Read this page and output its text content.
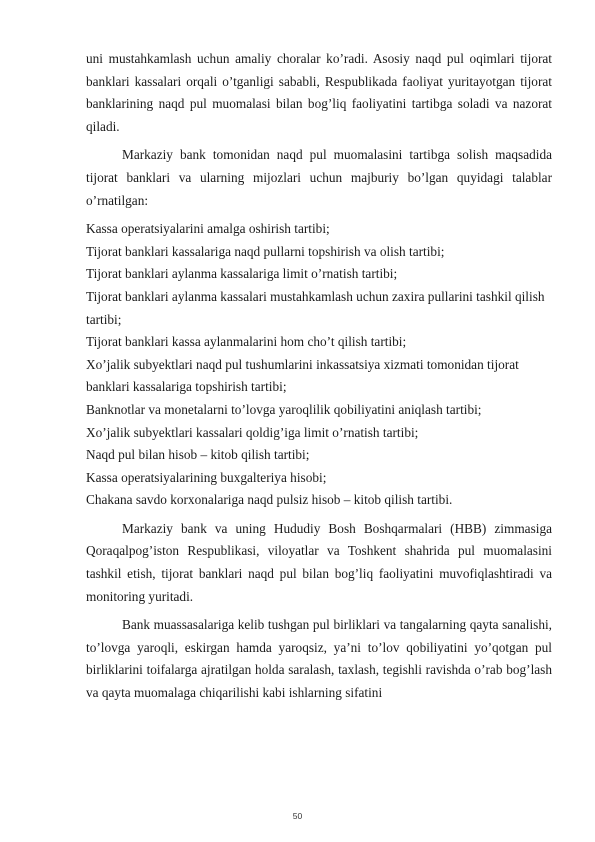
uni mustahkamlash uchun amaliy choralar ko’radi. Asosiy naqd pul oqimlari tijorat banklari kassalari orqali o’tganligi sababli, Respublikada faoliyat yuritayotgan tijorat banklarining naqd pul muomalasi bilan bog’liq faoliyatini tartibga soladi va nazorat qiladi.

Markaziy bank tomonidan naqd pul muomalasini tartibga solish maqsadida tijorat banklari va ularning mijozlari uchun majburiy bo’lgan quyidagi talablar o’rnatilgan:

Kassa operatsiyalarini amalga oshirish tartibi;
Tijorat banklari kassalariga naqd pullarni topshirish va olish tartibi;
Tijorat banklari aylanma kassalariga limit o’rnatish tartibi;
Tijorat banklari aylanma kassalari mustahkamlash uchun zaxira pullarini tashkil qilish tartibi;
Tijorat banklari kassa aylanmalarini hom cho’t qilish tartibi;
Xo’jalik subyektlari naqd pul tushumlarini inkassatsiya xizmati tomonidan tijorat banklari kassalariga topshirish tartibi;
Banknotlar va monetalarni to’lovga yaroqlilik qobiliyatini aniqlash tartibi;
Xo’jalik subyektlari kassalari qoldig’iga limit o’rnatish tartibi;
Naqd pul bilan hisob – kitob qilish tartibi;
Kassa operatsiyalarining buxgalteriya hisobi;
Chakana savdo korxonalariga naqd pulsiz hisob – kitob qilish tartibi.

Markaziy bank va uning Hududiy Bosh Boshqarmalari (HBB) zimmasiga Qoraqalpog’iston Respublikasi, viloyatlar va Toshkent shahrida pul muomalasini tashkil etish, tijorat banklari naqd pul bilan bog’liq faoliyatini muvofiqlashtiradi va monitoring yuritadi.

Bank muassasalariga kelib tushgan pul birliklari va tangalarning qayta sanalishi, to’lovga yaroqli, eskirgan hamda yaroqsiz, ya’ni to’lov qobiliyatini yo’qotgan pul birliklarini toifalarga ajratilgan holda saralash, taxlash, tegishli ravishda o’rab bog’lash va qayta muomalaga chiqarilishi kabi ishlarning sifatini

50
